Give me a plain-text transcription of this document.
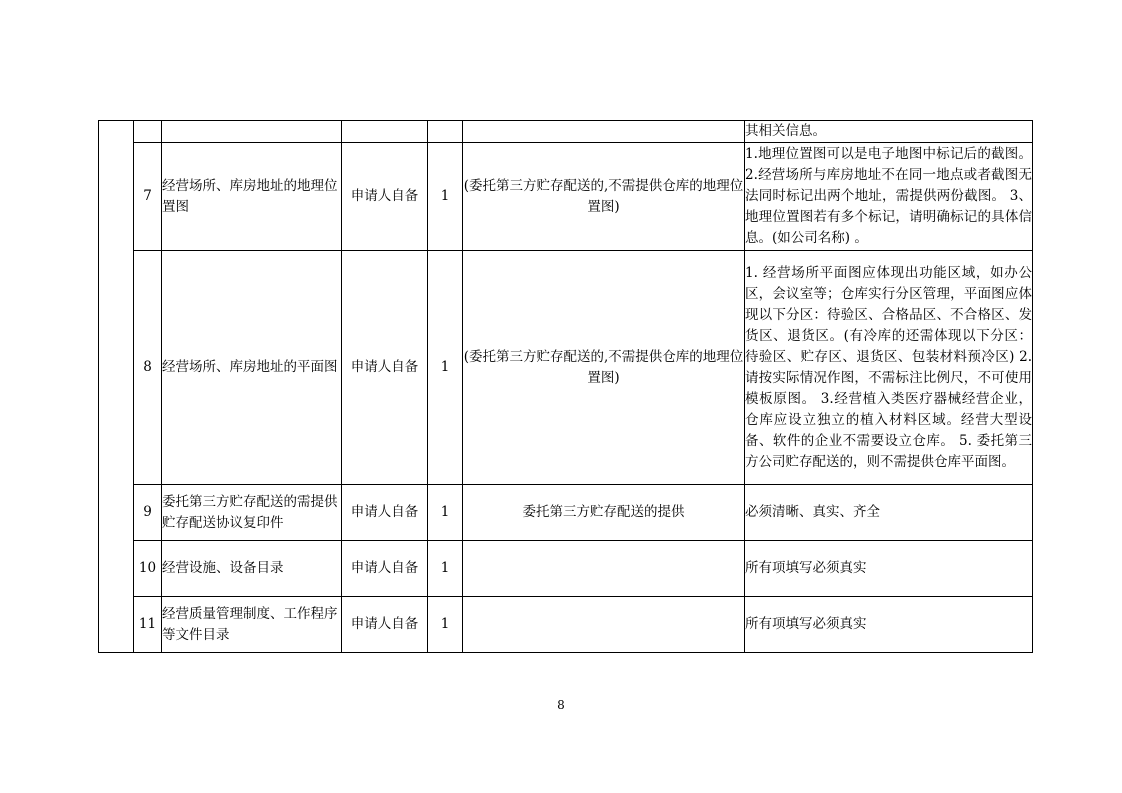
						其相关信息。
	7	经营场所、库房地址的地理位置图	申请人自备	1	(委托第三方贮存配送的,不需提供仓库的地理位置图)	1.地理位置图可以是电子地图中标记后的截图。 2.经营场所与库房地址不在同一地点或者截图无法同时标记出两个地址，需提供两份截图。 3、地理位置图若有多个标记，请明确标记的具体信息。(如公司名称) 。
	8	经营场所、库房地址的平面图	申请人自备	1	(委托第三方贮存配送的,不需提供仓库的地理位置图)	1. 经营场所平面图应体现出功能区域，如办公区，会议室等；仓库实行分区管理，平面图应体现以下分区：待验区、合格品区、不合格区、发货区、退货区。(有冷库的还需体现以下分区：待验区、贮存区、退货区、包装材料预冷区) 2.请按实际情况作图，不需标注比例尺，不可使用模板原图。 3.经营植入类医疗器械经营企业，仓库应设立独立的植入材料区域。经营大型设备、软件的企业不需要设立仓库。 5. 委托第三方公司贮存配送的，则不需提供仓库平面图。
	9	委托第三方贮存配送的需提供贮存配送协议复印件	申请人自备	1	委托第三方贮存配送的提供	必须清晰、真实、齐全
	10	经营设施、设备目录	申请人自备	1		所有项填写必须真实
	11	经营质量管理制度、工作程序等文件目录	申请人自备	1		所有项填写必须真实
8
